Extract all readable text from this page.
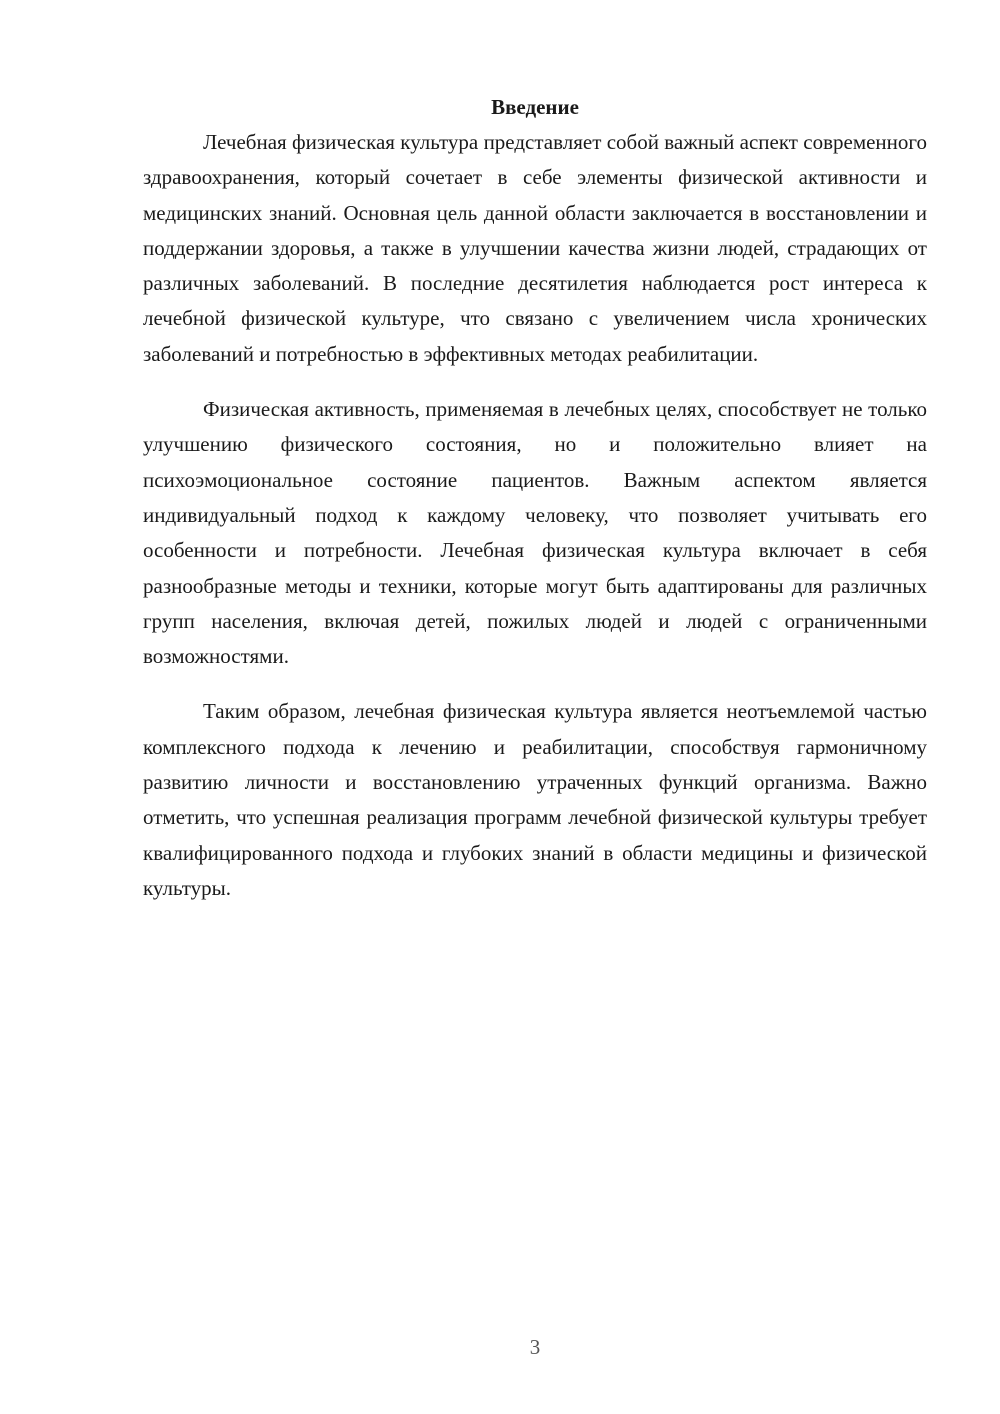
Введение

Лечебная физическая культура представляет собой важный аспект современного здравоохранения, который сочетает в себе элементы физической активности и медицинских знаний. Основная цель данной области заключается в восстановлении и поддержании здоровья, а также в улучшении качества жизни людей, страдающих от различных заболеваний. В последние десятилетия наблюдается рост интереса к лечебной физической культуре, что связано с увеличением числа хронических заболеваний и потребностью в эффективных методах реабилитации.

Физическая активность, применяемая в лечебных целях, способствует не только улучшению физического состояния, но и положительно влияет на психоэмоциональное состояние пациентов. Важным аспектом является индивидуальный подход к каждому человеку, что позволяет учитывать его особенности и потребности. Лечебная физическая культура включает в себя разнообразные методы и техники, которые могут быть адаптированы для различных групп населения, включая детей, пожилых людей и людей с ограниченными возможностями.

Таким образом, лечебная физическая культура является неотъемлемой частью комплексного подхода к лечению и реабилитации, способствуя гармоничному развитию личности и восстановлению утраченных функций организма. Важно отметить, что успешная реализация программ лечебной физической культуры требует квалифицированного подхода и глубоких знаний в области медицины и физической культуры.

3
